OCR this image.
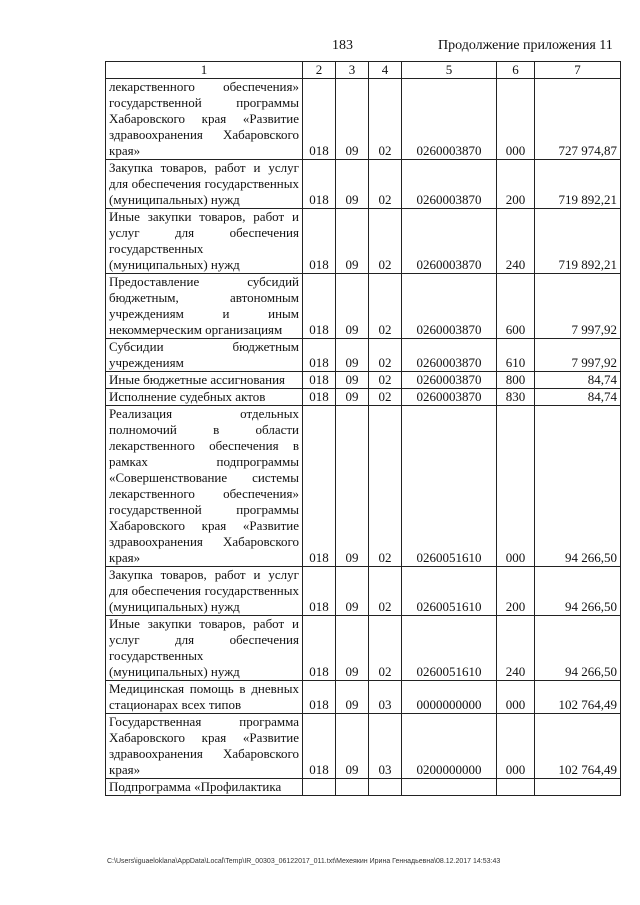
183	Продолжение приложения 11
1	2	3	4	5	6	7
лекарственного обеспечения» государственной программы Хабаровского края «Развитие здравоохранения Хабаровского края»	018	09	02	0260003870	000	727 974,87
Закупка товаров, работ и услуг для обеспечения государственных (муниципальных) нужд	018	09	02	0260003870	200	719 892,21
Иные закупки товаров, работ и услуг для обеспечения государственных (муниципальных) нужд	018	09	02	0260003870	240	719 892,21
Предоставление субсидий бюджетным, автономным учреждениям и иным некоммерческим организациям	018	09	02	0260003870	600	7 997,92
Субсидии бюджетным учреждениям	018	09	02	0260003870	610	7 997,92
Иные бюджетные ассигнования	018	09	02	0260003870	800	84,74
Исполнение судебных актов	018	09	02	0260003870	830	84,74
Реализация отдельных полномочий в области лекарственного обеспечения в рамках подпрограммы «Совершенствование системы лекарственного обеспечения» государственной программы Хабаровского края «Развитие здравоохранения Хабаровского края»	018	09	02	0260051610	000	94 266,50
Закупка товаров, работ и услуг для обеспечения государственных (муниципальных) нужд	018	09	02	0260051610	200	94 266,50
Иные закупки товаров, работ и услуг для обеспечения государственных (муниципальных) нужд	018	09	02	0260051610	240	94 266,50
Медицинская помощь в дневных стационарах всех типов	018	09	03	0000000000	000	102 764,49
Государственная программа Хабаровского края «Развитие здравоохранения Хабаровского края»	018	09	03	0200000000	000	102 764,49
Подпрограмма «Профилактика						
C:\Users\iguaeloklana\AppData\Local\Temp\IR_00303_06122017_011.txt\Мехеякин Ирина Геннадьевна\08.12.2017 14:53:43
